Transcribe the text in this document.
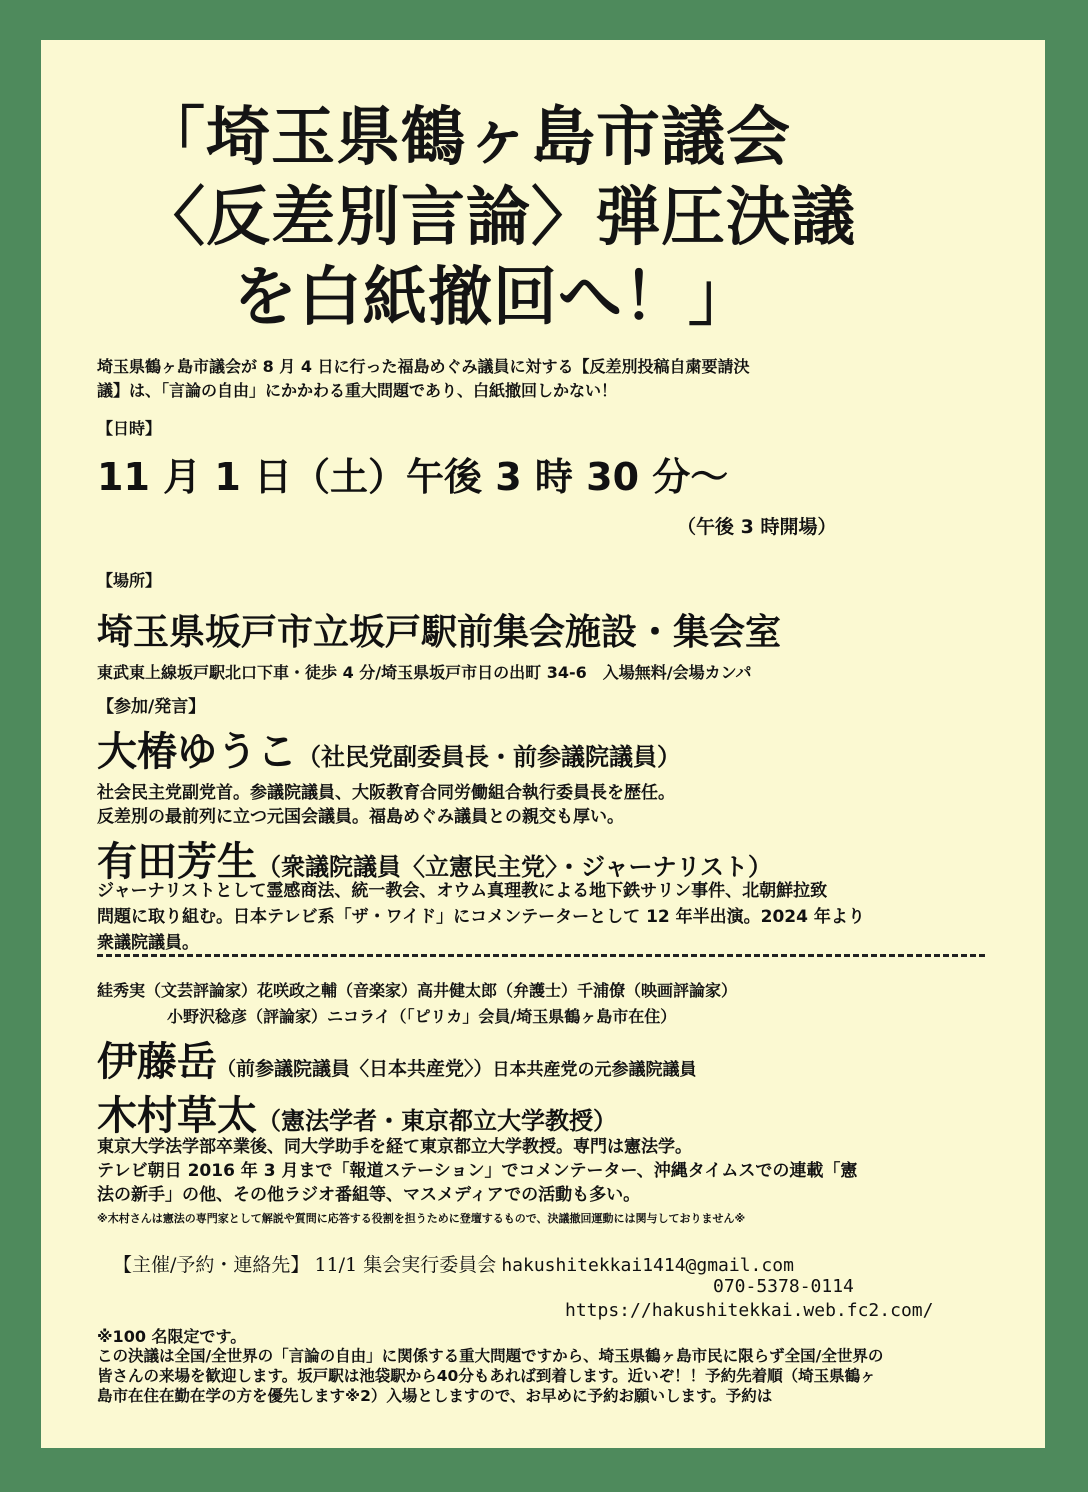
「埼玉県鶴ヶ島市議会
〈反差別言論〉弾圧決議
を白紙撤回へ！」
埼玉県鶴ヶ島市議会が 8 月 4 日に行った福島めぐみ議員に対する【反差別投稿自粛要請決
議】は、「言論の自由」にかかわる重大問題であり、白紙撤回しかない！
【日時】
11 月 1 日（土）午後 3 時 30 分～
（午後 3 時開場）
【場所】
埼玉県坂戸市立坂戸駅前集会施設・集会室
東武東上線坂戸駅北口下車・徒歩 4 分/埼玉県坂戸市日の出町 34-6　入場無料/会場カンパ
【参加/発言】
大椿ゆうこ（社民党副委員長・前参議院議員）
社会民主党副党首。参議院議員、大阪教育合同労働組合執行委員長を歴任。
反差別の最前列に立つ元国会議員。福島めぐみ議員との親交も厚い。
有田芳生（衆議院議員〈立憲民主党〉・ジャーナリスト）
ジャーナリストとして霊感商法、統一教会、オウム真理教による地下鉄サリン事件、北朝鮮拉致
問題に取り組む。日本テレビ系「ザ・ワイド」にコメンテーターとして 12 年半出演。2024 年より
衆議院議員。
絓秀実（文芸評論家）花咲政之輔（音楽家）高井健太郎（弁護士）千浦僚（映画評論家）
小野沢稔彦（評論家）ニコライ（「ピリカ」会員/埼玉県鶴ヶ島市在住）
伊藤岳（前参議院議員〈日本共産党〉）日本共産党の元参議院議員
木村草太（憲法学者・東京都立大学教授）
東京大学法学部卒業後、同大学助手を経て東京都立大学教授。専門は憲法学。
テレビ朝日 2016 年 3 月まで「報道ステーション」でコメンテーター、沖縄タイムスでの連載「憲
法の新手」の他、その他ラジオ番組等、マスメディアでの活動も多い。
※木村さんは憲法の専門家として解説や質問に応答する役割を担うために登壇するもので、決議撤回運動には関与しておりません※
【主催/予約・連絡先】 11/1 集会実行委員会 hakushitekkai1414@gmail.com
070-5378-0114
https://hakushitekkai.web.fc2.com/
※100 名限定です。
この決議は全国/全世界の「言論の自由」に関係する重大問題ですから、埼玉県鶴ヶ島市民に限らず全国/全世界の
皆さんの来場を歓迎します。坂戸駅は池袋駅から40分もあれば到着します。近いぞ！！予約先着順（埼玉県鶴ヶ
島市在住在勤在学の方を優先します※2）入場としますので、お早めに予約お願いします。予約は
